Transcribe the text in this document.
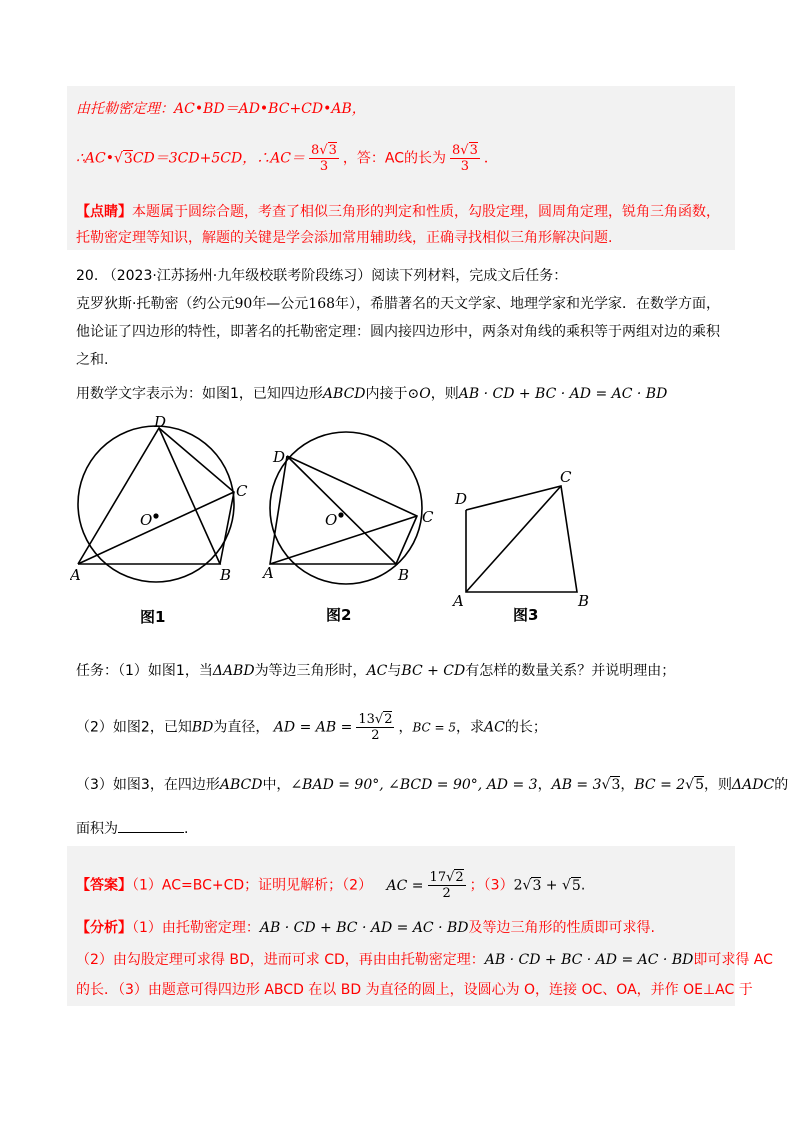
由托勒密定理：AC•BD＝AD•BC+CD•AB，
∴AC•√3CD＝3CD+5CD，∴AC＝ $\frac{8√3}{3}$ ，答：AC的长为 $\frac{8√3}{3}$ ．
【点睛】本题属于圆综合题，考查了相似三角形的判定和性质，勾股定理，圆周角定理，锐角三角函数，
托勒密定理等知识，解题的关键是学会添加常用辅助线，正确寻找相似三角形解决问题.
20. （2023·江苏扬州·九年级校联考阶段练习）阅读下列材料，完成文后任务：
克罗狄斯·托勒密（约公元90年—公元168年），希腊著名的天文学家、地理学家和光学家．在数学方面，
他论证了四边形的特性，即著名的托勒密定理：圆内接四边形中，两条对角线的乘积等于两组对边的乘积
之和.
用数学文字表示为：如图1，已知四边形ABCD内接于⊙O，则AB · CD + BC · AD = AC · BD
D
C
A	B
O
图1
D
C
A	B
O
图2
D
C
A	B
图3
任务：（1）如图1，当ΔABD为等边三角形时，AC与BC + CD有怎样的数量关系？并说明理由；
（2）如图2，已知BD为直径， AD = AB = $\frac{13√2}{2}$ ，BC = 5，求AC的长；
（3）如图3，在四边形ABCD中，∠BAD = 90°, ∠BCD = 90°, AD = 3，AB = 3√3，BC = 2√5，则ΔADC的
面积为	.
【答案】（1）AC=BC+CD；证明见解析；（2） AC = $\frac{17√2}{2}$ ；（3）2√3 + √5.
【分析】（1）由托勒密定理：AB · CD + BC · AD = AC · BD及等边三角形的性质即可求得.
（2）由勾股定理可求得 BD，进而可求 CD，再由由托勒密定理：AB · CD + BC · AD = AC · BD即可求得 AC
的长．（3）由题意可得四边形 ABCD 在以 BD 为直径的圆上，设圆心为 O，连接 OC、OA，并作 OE⊥AC 于
